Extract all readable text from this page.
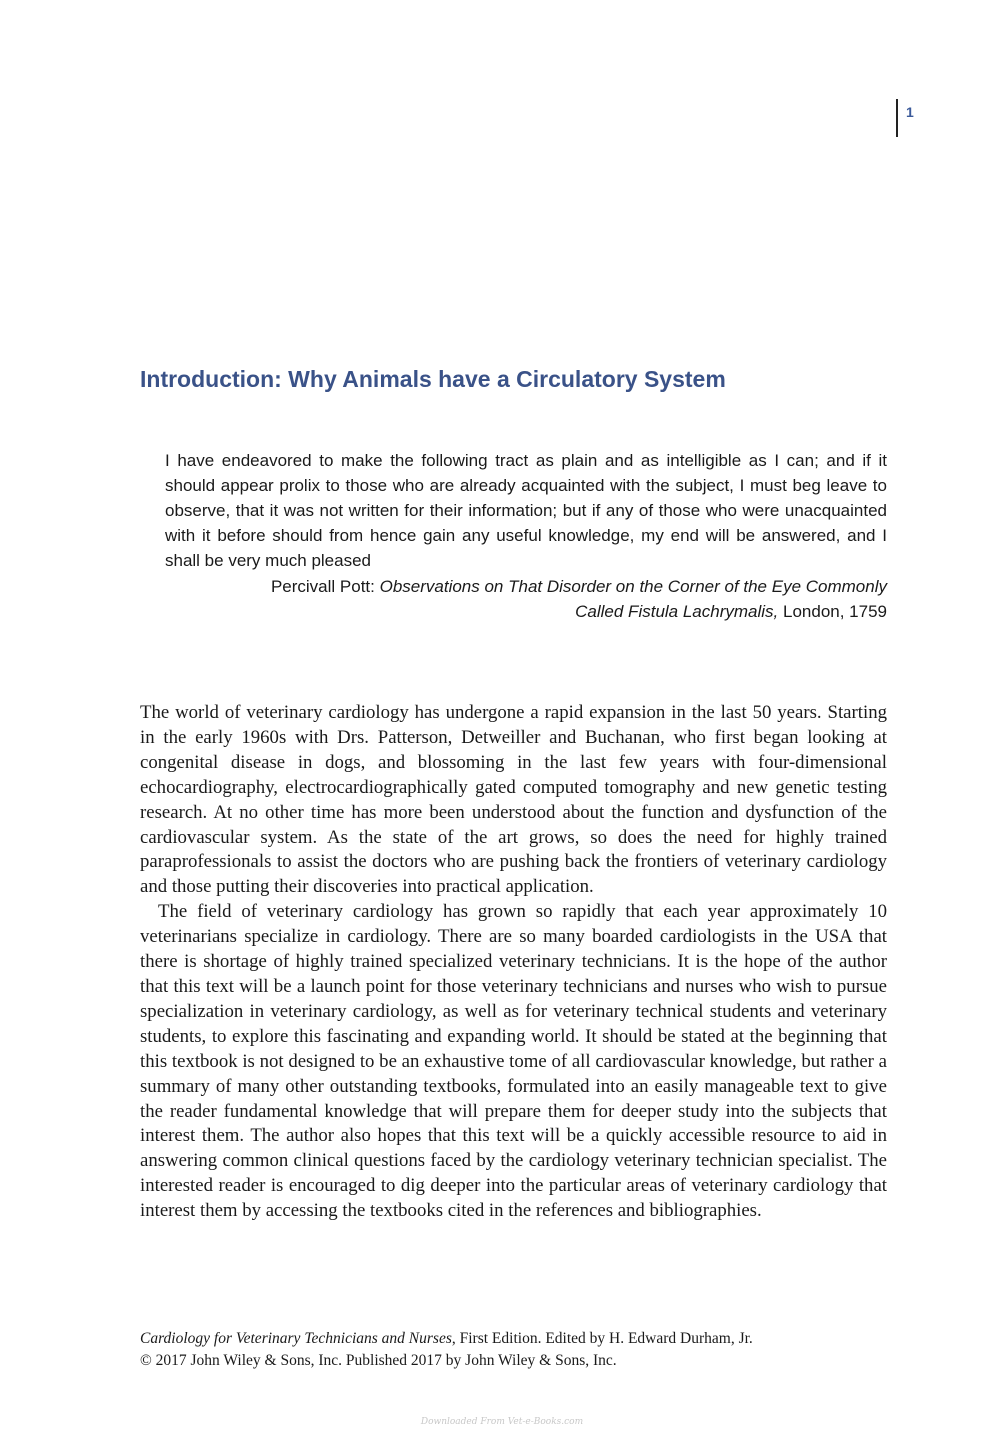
1
Introduction: Why Animals have a Circulatory System

I have endeavored to make the following tract as plain and as intelligible as I can; and if it should appear prolix to those who are already acquainted with the subject, I must beg leave to observe, that it was not written for their information; but if any of those who were unacquainted with it before should from hence gain any useful knowledge, my end will be answered, and I shall be very much pleased

Percivall Pott: Observations on That Disorder on the Corner of the Eye Commonly
Called Fistula Lachrymalis, London, 1759

The world of veterinary cardiology has undergone a rapid expansion in the last 50 years. Starting in the early 1960s with Drs. Patterson, Detweiller and Buchanan, who first began looking at congenital disease in dogs, and blossoming in the last few years with four-dimensional echocardiography, electrocardiographically gated computed tomography and new genetic testing research. At no other time has more been understood about the function and dysfunction of the cardiovascular system. As the state of the art grows, so does the need for highly trained paraprofessionals to assist the doctors who are pushing back the frontiers of veterinary cardiology and those putting their discoveries into practical application.

The field of veterinary cardiology has grown so rapidly that each year approximately 10 veterinarians specialize in cardiology. There are so many boarded cardiologists in the USA that there is shortage of highly trained specialized veterinary technicians. It is the hope of the author that this text will be a launch point for those veterinary technicians and nurses who wish to pursue specialization in veterinary cardiology, as well as for veterinary technical students and veterinary students, to explore this fascinating and expanding world. It should be stated at the beginning that this textbook is not designed to be an exhaustive tome of all cardiovascular knowledge, but rather a summary of many other outstanding textbooks, formulated into an easily manageable text to give the reader fundamental knowledge that will prepare them for deeper study into the subjects that interest them. The author also hopes that this text will be a quickly accessible resource to aid in answering common clinical questions faced by the cardiology veterinary technician specialist. The interested reader is encouraged to dig deeper into the particular areas of veterinary cardiology that interest them by accessing the textbooks cited in the references and bibliographies.

Cardiology for Veterinary Technicians and Nurses, First Edition. Edited by H. Edward Durham, Jr.
© 2017 John Wiley & Sons, Inc. Published 2017 by John Wiley & Sons, Inc.
Downloaded From Vet-e-Books.com
